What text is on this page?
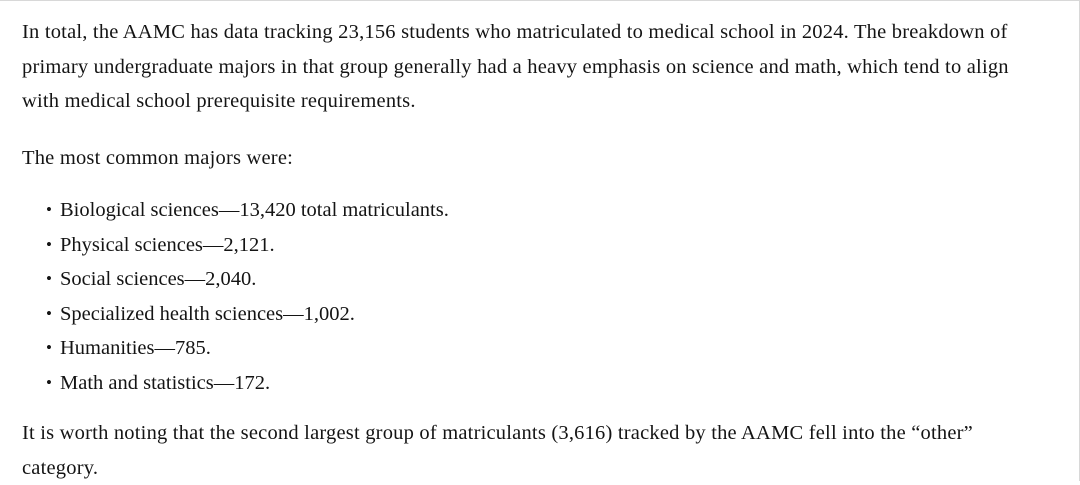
In total, the AAMC has data tracking 23,156 students who matriculated to medical school in 2024. The breakdown of primary undergraduate majors in that group generally had a heavy emphasis on science and math, which tend to align with medical school prerequisite requirements.

The most common majors were:

• Biological sciences—13,420 total matriculants.
• Physical sciences—2,121.
• Social sciences—2,040.
• Specialized health sciences—1,002.
• Humanities—785.
• Math and statistics—172.

It is worth noting that the second largest group of matriculants (3,616) tracked by the AAMC fell into the “other” category.
